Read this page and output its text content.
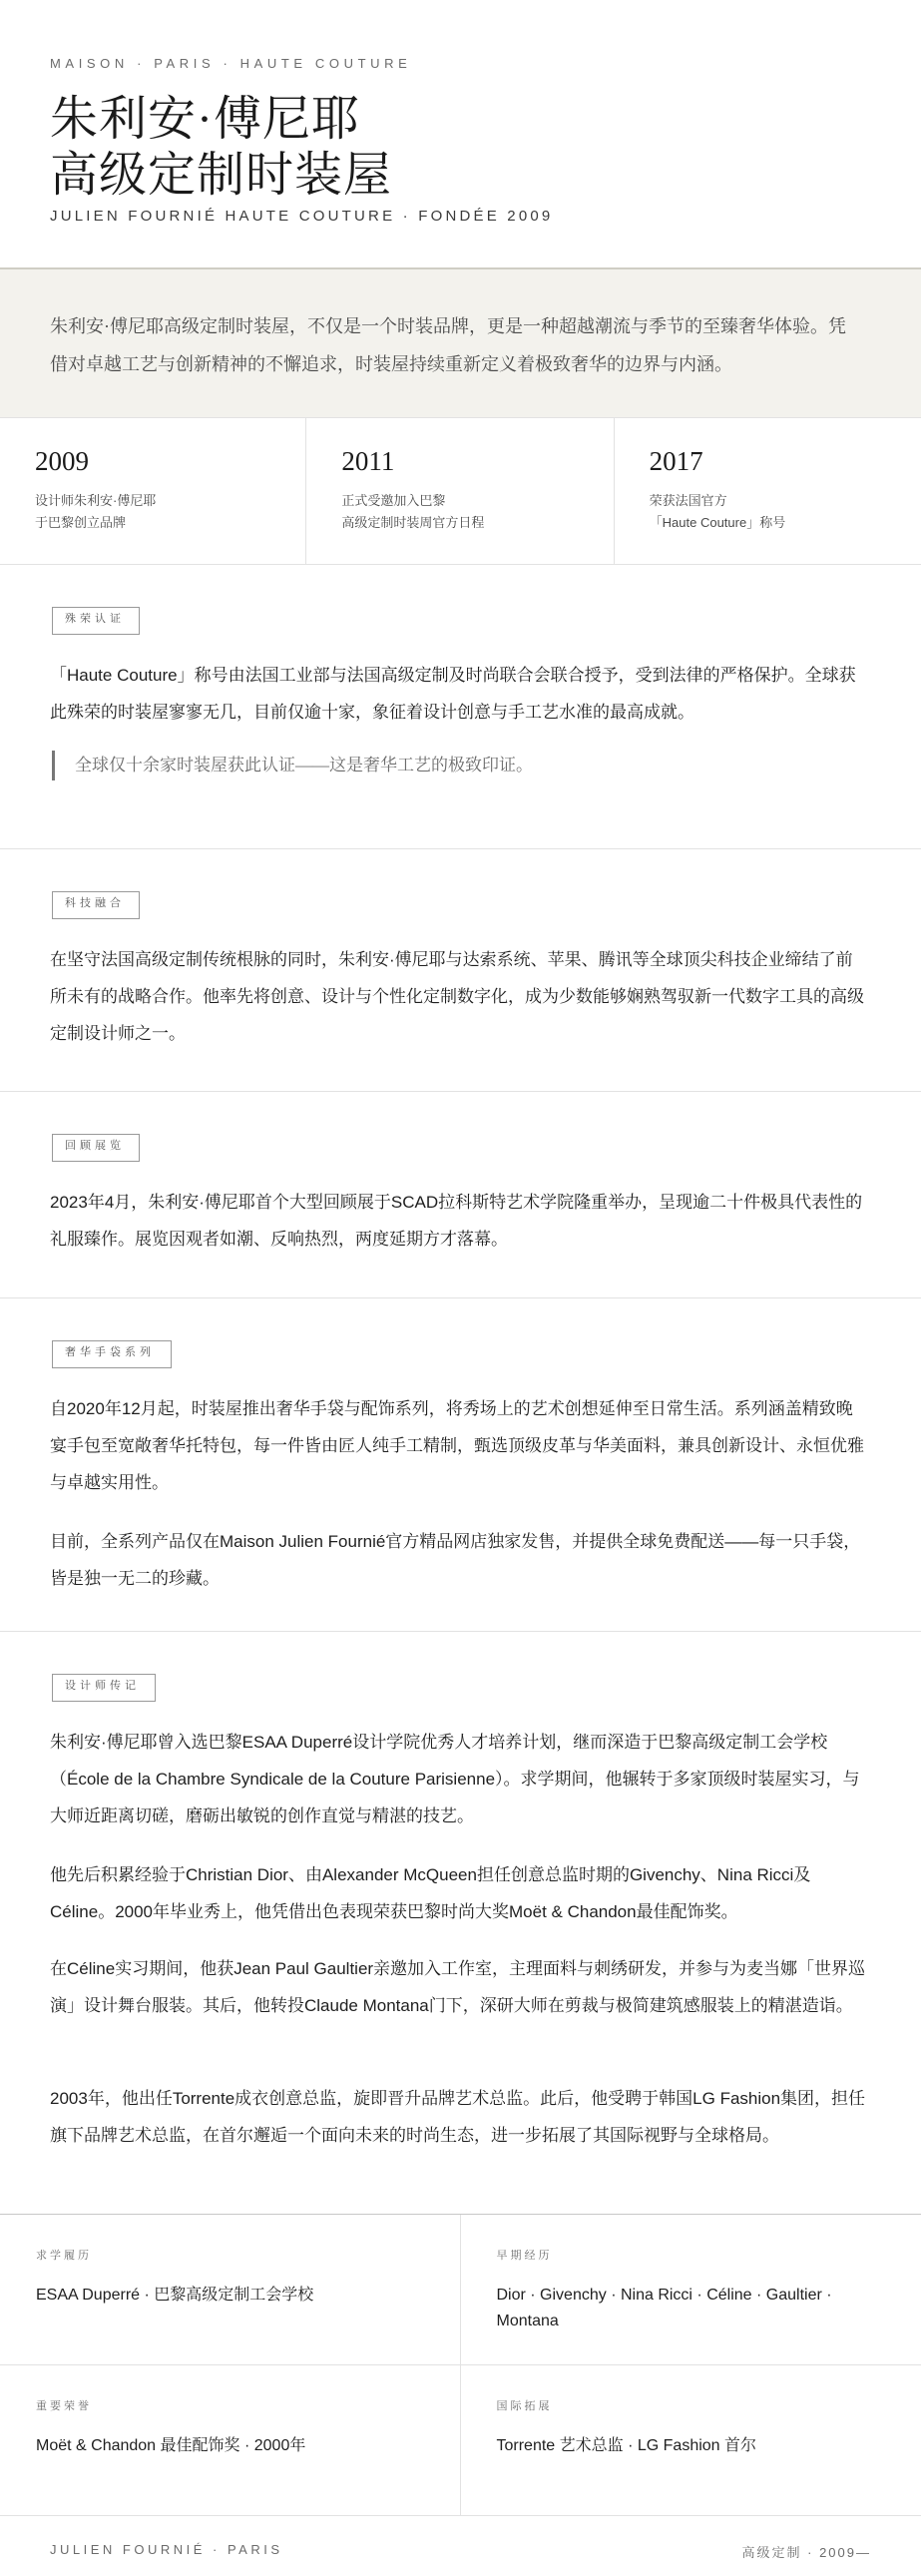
MAISON · PARIS · HAUTE COUTURE
朱利安·傅尼耶
高级定制时装屋
JULIEN FOURNIÉ HAUTE COUTURE · FONDÉE 2009

朱利安·傅尼耶高级定制时装屋，不仅是一个时装品牌，更是一种超越潮流与季节的至臻奢华体验。凭借对卓越工艺与创新精神的不懈追求，时装屋持续重新定义着极致奢华的边界与内涵。

2009
设计师朱利安·傅尼耶
于巴黎创立品牌
2011
正式受邀加入巴黎
高级定制时装周官方日程
2017
荣获法国官方
「Haute Couture」称号
殊荣认证

「Haute Couture」称号由法国工业部与法国高级定制及时尚联合会联合授予，受到法律的严格保护。全球获此殊荣的时装屋寥寥无几，目前仅逾十家，象征着设计创意与手工艺水准的最高成就。

全球仅十余家时装屋获此认证——这是奢华工艺的极致印证。
科技融合

在坚守法国高级定制传统根脉的同时，朱利安·傅尼耶与达索系统、苹果、腾讯等全球顶尖科技企业缔结了前所未有的战略合作。他率先将创意、设计与个性化定制数字化，成为少数能够娴熟驾驭新一代数字工具的高级定制设计师之一。

回顾展览

2023年4月，朱利安·傅尼耶首个大型回顾展于SCAD拉科斯特艺术学院隆重举办，呈现逾二十件极具代表性的礼服臻作。展览因观者如潮、反响热烈，两度延期方才落幕。

奢华手袋系列

自2020年12月起，时装屋推出奢华手袋与配饰系列，将秀场上的艺术创想延伸至日常生活。系列涵盖精致晚宴手包至宽敞奢华托特包，每一件皆由匠人纯手工精制，甄选顶级皮革与华美面料，兼具创新设计、永恒优雅与卓越实用性。

目前，全系列产品仅在Maison Julien Fournié官方精品网店独家发售，并提供全球免费配送——每一只手袋，皆是独一无二的珍藏。

设计师传记

朱利安·傅尼耶曾入选巴黎ESAA Duperré设计学院优秀人才培养计划，继而深造于巴黎高级定制工会学校（École de la Chambre Syndicale de la Couture Parisienne）。求学期间，他辗转于多家顶级时装屋实习，与大师近距离切磋，磨砺出敏锐的创作直觉与精湛的技艺。

他先后积累经验于Christian Dior、由Alexander McQueen担任创意总监时期的Givenchy、Nina Ricci及Céline。2000年毕业秀上，他凭借出色表现荣获巴黎时尚大奖Moët & Chandon最佳配饰奖。

在Céline实习期间，他获Jean Paul Gaultier亲邀加入工作室，主理面料与刺绣研发，并参与为麦当娜「世界巡演」设计舞台服装。其后，他转投Claude Montana门下，深研大师在剪裁与极简建筑感服装上的精湛造诣。

2003年，他出任Torrente成衣创意总监，旋即晋升品牌艺术总监。此后，他受聘于韩国LG Fashion集团，担任旗下品牌艺术总监，在首尔邂逅一个面向未来的时尚生态，进一步拓展了其国际视野与全球格局。

求学履历
ESAA Duperré · 巴黎高级定制工会学校
早期经历
Dior · Givenchy · Nina Ricci · Céline · Gaultier · Montana
重要荣誉
Moët & Chandon 最佳配饰奖 · 2000年
国际拓展
Torrente 艺术总监 · LG Fashion 首尔
JULIEN FOURNIÉ · PARIS	高级定制 · 2009—
